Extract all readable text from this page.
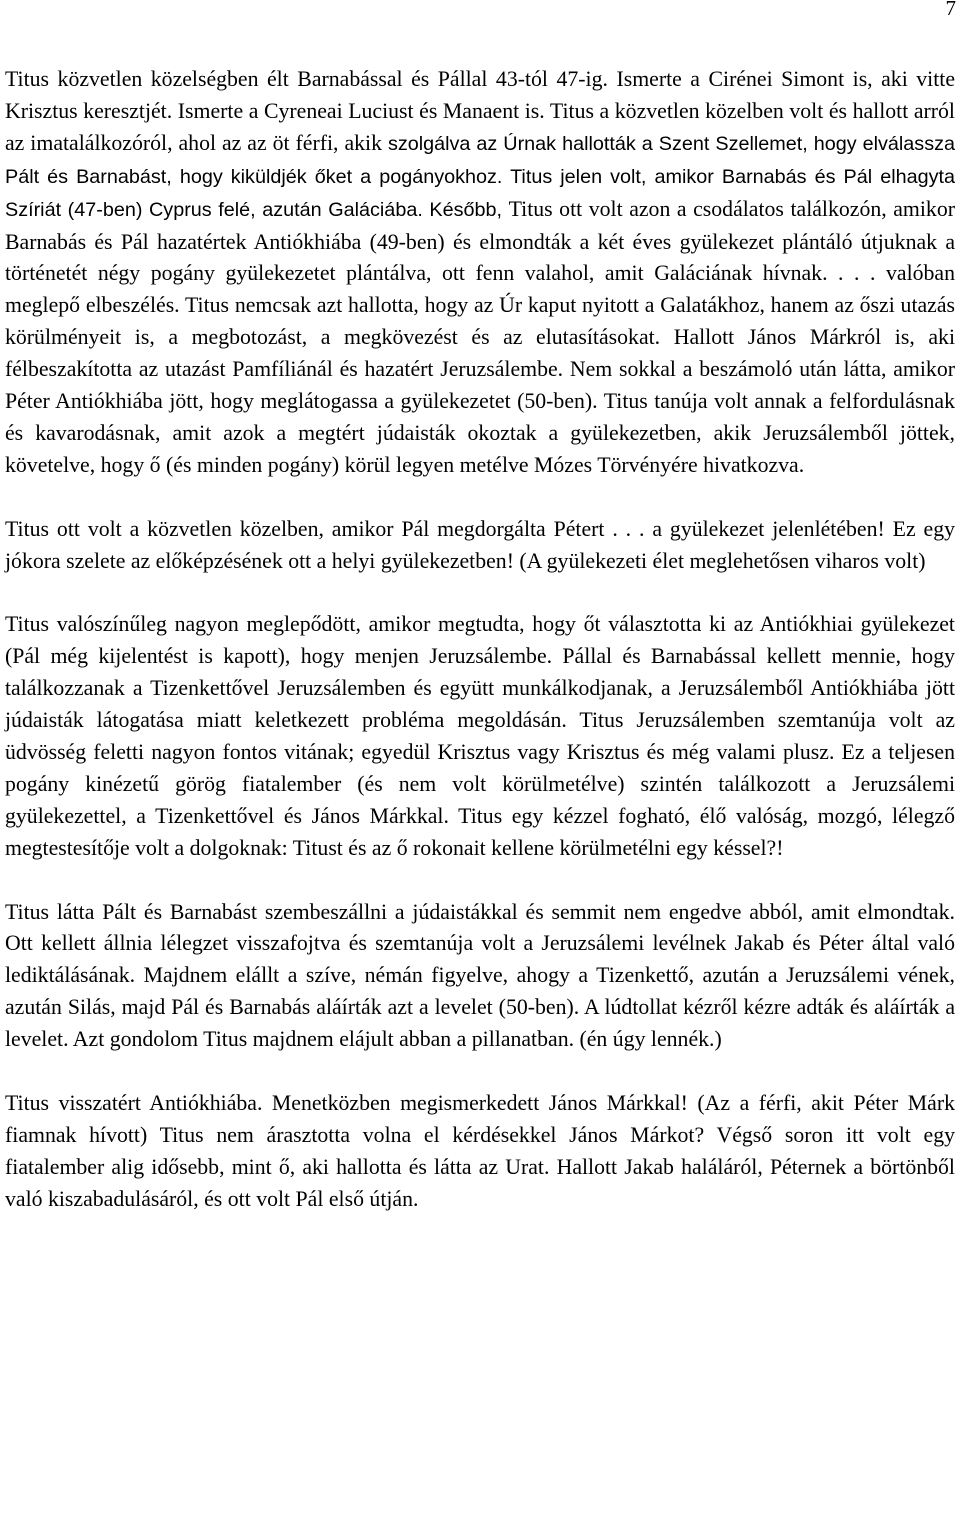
7

Titus közvetlen közelségben élt Barnabással és Pállal 43-tól 47-ig. Ismerte a Cirénei Simont is, aki vitte Krisztus keresztjét. Ismerte a Cyreneai Luciust és Manaent is. Titus a közvetlen közelben volt és hallott arról az imatalálkozóról, ahol az az öt férfi, akik szolgálva az Úrnak hallották a Szent Szellemet, hogy elválassza Pált és Barnabást, hogy kiküldjék őket a pogányokhoz. Titus jelen volt, amikor Barnabás és Pál elhagyta Szíriát (47-ben) Cyprus felé, azután Galáciába. Később, Titus ott volt azon a csodálatos találkozón, amikor Barnabás és Pál hazatértek Antiókhiába (49-ben) és elmondták a két éves gyülekezet plántáló útjuknak a történetét négy pogány gyülekezetet plántálva, ott fenn valahol, amit Galáciának hívnak. . . . valóban meglepő elbeszélés. Titus nemcsak azt hallotta, hogy az Úr kaput nyitott a Galatákhoz, hanem az őszi utazás körülményeit is, a megbotozást, a megkövezést és az elutasításokat. Hallott János Márkról is, aki félbeszakította az utazást Pamfíliánál és hazatért Jeruzsálembe. Nem sokkal a beszámoló után látta, amikor Péter Antiókhiába jött, hogy meglátogassa a gyülekezetet (50-ben). Titus tanúja volt annak a felfordulásnak és kavarodásnak, amit azok a megtért júdaisták okoztak a gyülekezetben, akik Jeruzsálemből jöttek, követelve, hogy ő (és minden pogány) körül legyen metélve Mózes Törvényére hivatkozva.

Titus ott volt a közvetlen közelben, amikor Pál megdorgálta Pétert . . . a gyülekezet jelenlétében! Ez egy jókora szelete az előképzésének ott a helyi gyülekezetben! (A gyülekezeti élet meglehetősen viharos volt)

Titus valószínűleg nagyon meglepődött, amikor megtudta, hogy őt választotta ki az Antiókhiai gyülekezet (Pál még kijelentést is kapott), hogy menjen Jeruzsálembe. Pállal és Barnabással kellett mennie, hogy találkozzanak a Tizenkettővel Jeruzsálemben és együtt munkálkodjanak, a Jeruzsálemből Antiókhiába jött júdaisták látogatása miatt keletkezett probléma megoldásán. Titus Jeruzsálemben szemtanúja volt az üdvösség feletti nagyon fontos vitának; egyedül Krisztus vagy Krisztus és még valami plusz. Ez a teljesen pogány kinézetű görög fiatalember (és nem volt körülmetélve) szintén találkozott a Jeruzsálemi gyülekezettel, a Tizenkettővel és János Márkkal. Titus egy kézzel fogható, élő valóság, mozgó, lélegző megtestesítője volt a dolgoknak: Titust és az ő rokonait kellene körülmetélni egy késsel?!

Titus látta Pált és Barnabást szembeszállni a júdaistákkal és semmit nem engedve abból, amit elmondtak. Ott kellett állnia lélegzet visszafojtva és szemtanúja volt a Jeruzsálemi levélnek Jakab és Péter által való lediktálásának. Majdnem elállt a szíve, némán figyelve, ahogy a Tizenkettő, azután a Jeruzsálemi vének, azután Silás, majd Pál és Barnabás aláírták azt a levelet (50-ben). A lúdtollat kézről kézre adták és aláírták a levelet. Azt gondolom Titus majdnem elájult abban a pillanatban. (én úgy lennék.)

Titus visszatért Antiókhiába. Menetközben megismerkedett János Márkkal! (Az a férfi, akit Péter Márk fiamnak hívott) Titus nem árasztotta volna el kérdésekkel János Márkot? Végső soron itt volt egy fiatalember alig idősebb, mint ő, aki hallotta és látta az Urat. Hallott Jakab haláláról, Péternek a börtönből való kiszabadulásáról, és ott volt Pál első útján.
